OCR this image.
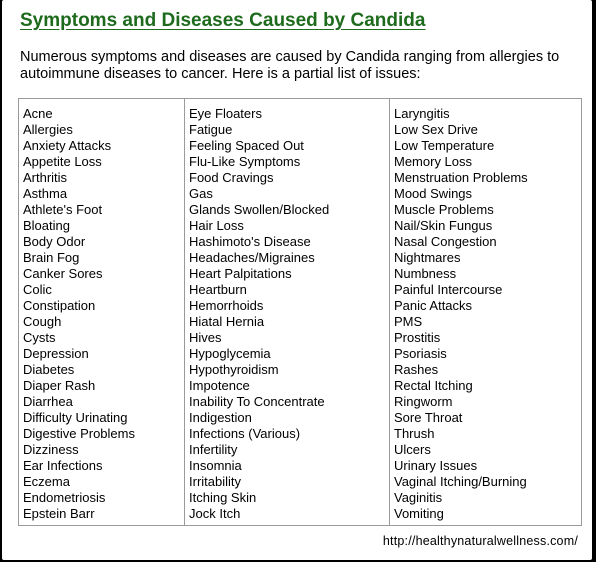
Symptoms and Diseases Caused by Candida

Numerous symptoms and diseases are caused by Candida ranging from allergies to autoimmune diseases to cancer. Here is a partial list of issues:

Acne
Allergies
Anxiety Attacks
Appetite Loss
Arthritis
Asthma
Athlete's Foot
Bloating
Body Odor
Brain Fog
Canker Sores
Colic
Constipation
Cough
Cysts
Depression
Diabetes
Diaper Rash
Diarrhea
Difficulty Urinating
Digestive Problems
Dizziness
Ear Infections
Eczema
Endometriosis
Epstein Barr
Eye Floaters
Fatigue
Feeling Spaced Out
Flu-Like Symptoms
Food Cravings
Gas
Glands Swollen/Blocked
Hair Loss
Hashimoto's Disease
Headaches/Migraines
Heart Palpitations
Heartburn
Hemorrhoids
Hiatal Hernia
Hives
Hypoglycemia
Hypothyroidism
Impotence
Inability To Concentrate
Indigestion
Infections (Various)
Infertility
Insomnia
Irritability
Itching Skin
Jock Itch
Laryngitis
Low Sex Drive
Low Temperature
Memory Loss
Menstruation Problems
Mood Swings
Muscle Problems
Nail/Skin Fungus
Nasal Congestion
Nightmares
Numbness
Painful Intercourse
Panic Attacks
PMS
Prostitis
Psoriasis
Rashes
Rectal Itching
Ringworm
Sore Throat
Thrush
Ulcers
Urinary Issues
Vaginal Itching/Burning
Vaginitis
Vomiting
http://healthynaturalwellness.com/
